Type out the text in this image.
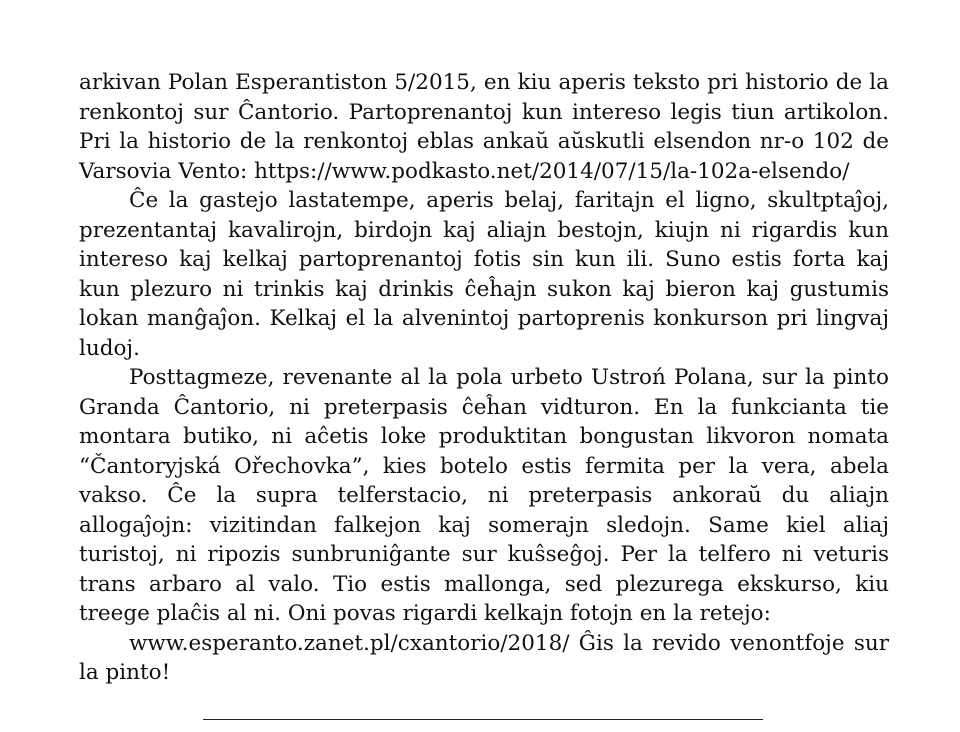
arkivan Polan Esperantiston 5/2015, en kiu aperis teksto pri historio de la renkontoj sur Ĉantorio. Partoprenantoj kun intereso legis tiun artikolon. Pri la historio de la renkontoj eblas ankaŭ aŭskutli elsendon nr-o 102 de Varsovia Vento: https://www.podkasto.net/2014/07/15/la-102a-elsendo/

Ĉe la gastejo lastatempe, aperis belaj, faritajn el ligno, skultptaĵoj, prezentantaj kavalirojn, birdojn kaj aliajn bestojn, kiujn ni rigardis kun intereso kaj kelkaj partoprenantoj fotis sin kun ili. Suno estis forta kaj kun plezuro ni trinkis kaj drinkis ĉeĥajn sukon kaj bieron kaj gustumis lokan manĝaĵon. Kelkaj el la alvenintoj partoprenis konkurson pri lingvaj ludoj.

Posttagmeze, revenante al la pola urbeto Ustroń Polana, sur la pinto Granda Ĉantorio, ni preterpasis ĉeĥan vidturon. En la funkcianta tie montara butiko, ni aĉetis loke produktitan bongustan likvoron nomata “Čantoryjská Ořechovka”, kies botelo estis fermita per la vera, abela vakso. Ĉe la supra telferstacio, ni preterpasis ankoraŭ du aliajn allogaĵojn: vizitindan falkejon kaj somerajn sledojn. Same kiel aliaj turistoj, ni ripozis sunbruniĝante sur kuŝseĝoj. Per la telfero ni veturis trans arbaro al valo. Tio estis mallonga, sed plezurega ekskurso, kiu treege plaĉis al ni. Oni povas rigardi kelkajn fotojn en la retejo:

www.esperanto.zanet.pl/cxantorio/2018/ Ĝis la revido venontfoje sur la pinto!
